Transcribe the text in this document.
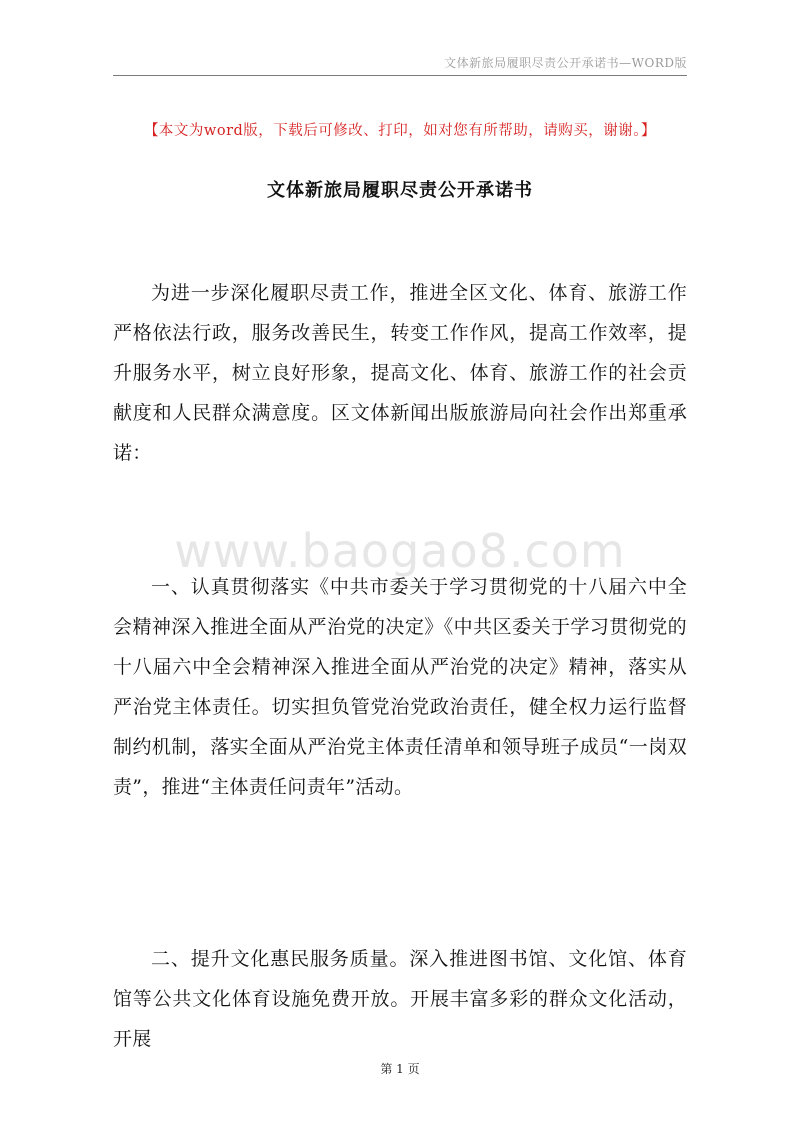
文体新旅局履职尽责公开承诺书—WORD版
【本文为word版，下载后可修改、打印，如对您有所帮助，请购买，谢谢。】
文体新旅局履职尽责公开承诺书

为进一步深化履职尽责工作，推进全区文化、体育、旅游工作严格依法行政，服务改善民生，转变工作作风，提高工作效率，提升服务水平，树立良好形象，提高文化、体育、旅游工作的社会贡献度和人民群众满意度。区文体新闻出版旅游局向社会作出郑重承诺：

www.baogao8.com

一、认真贯彻落实《中共市委关于学习贯彻党的十八届六中全会精神深入推进全面从严治党的决定》《中共区委关于学习贯彻党的十八届六中全会精神深入推进全面从严治党的决定》精神，落实从严治党主体责任。切实担负管党治党政治责任，健全权力运行监督制约机制，落实全面从严治党主体责任清单和领导班子成员“一岗双责”，推进“主体责任问责年”活动。

二、提升文化惠民服务质量。深入推进图书馆、文化馆、体育馆等公共文化体育设施免费开放。开展丰富多彩的群众文化活动，开展

第 1 页
